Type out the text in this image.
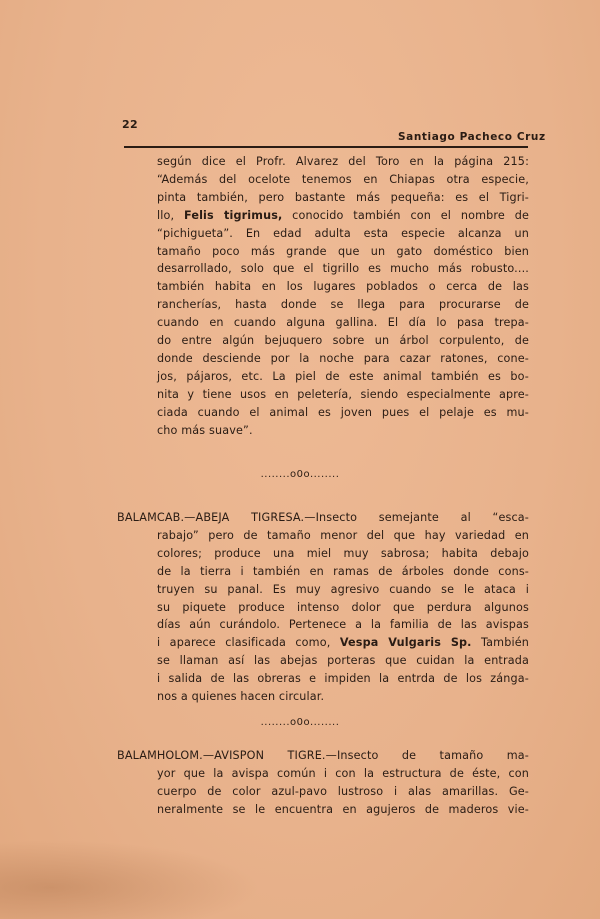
22
Santiago Pacheco Cruz
según dice el Profr. Alvarez del Toro en la página 215:
“Además del ocelote tenemos en Chiapas otra especie,
pinta también, pero bastante más pequeña: es el Tigri-
llo, Felis tigrimus, conocido también con el nombre de
“pichigueta”. En edad adulta esta especie alcanza un
tamaño poco más grande que un gato doméstico bien
desarrollado, solo que el tigrillo es mucho más robusto....
también habita en los lugares poblados o cerca de las
rancherías, hasta donde se llega para procurarse de
cuando en cuando alguna gallina. El día lo pasa trepa-
do entre algún bejuquero sobre un árbol corpulento, de
donde desciende por la noche para cazar ratones, cone-
jos, pájaros, etc. La piel de este animal también es bo-
nita y tiene usos en peletería, siendo especialmente apre-
ciada cuando el animal es joven pues el pelaje es mu-
cho más suave”.
........o0o........
BALAMCAB.—ABEJA TIGRESA.—Insecto semejante al “esca-
rabajo” pero de tamaño menor del que hay variedad en
colores; produce una miel muy sabrosa; habita debajo
de la tierra i también en ramas de árboles donde cons-
truyen su panal. Es muy agresivo cuando se le ataca i
su piquete produce intenso dolor que perdura algunos
días aún curándolo. Pertenece a la familia de las avispas
i aparece clasificada como, Vespa Vulgaris Sp. También
se llaman así las abejas porteras que cuidan la entrada
i salida de las obreras e impiden la entrda de los zánga-
nos a quienes hacen circular.
........o0o........
BALAMHOLOM.—AVISPON TIGRE.—Insecto de tamaño ma-
yor que la avispa común i con la estructura de éste, con
cuerpo de color azul-pavo lustroso i alas amarillas. Ge-
neralmente se le encuentra en agujeros de maderos vie-
